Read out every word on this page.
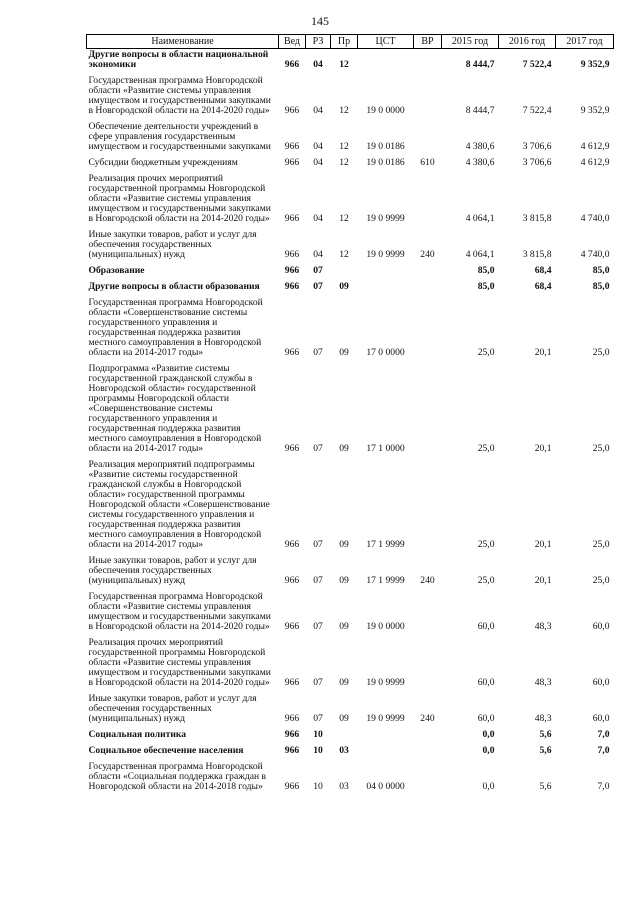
145
Наименование	Вед	РЗ	Пр	ЦСТ	ВР	2015 год	2016 год	2017 год
Другие вопросы в области национальной экономики	966	04	12			8 444,7	7 522,4	9 352,9
Государственная программа Новгородской области «Развитие системы управления имуществом и государственными закупками в Новгородской области на 2014-2020 годы»	966	04	12	19 0 0000		8 444,7	7 522,4	9 352,9
Обеспечение деятельности учреждений в сфере управления государственным имуществом и государственными закупками	966	04	12	19 0 0186		4 380,6	3 706,6	4 612,9
Субсидии бюджетным учреждениям	966	04	12	19 0 0186	610	4 380,6	3 706,6	4 612,9
Реализация прочих мероприятий государственной программы Новгородской области «Развитие системы управления имуществом и государственными закупками в Новгородской области на 2014-2020 годы»	966	04	12	19 0 9999		4 064,1	3 815,8	4 740,0
Иные закупки товаров, работ и услуг для обеспечения государственных (муниципальных) нужд	966	04	12	19 0 9999	240	4 064,1	3 815,8	4 740,0
Образование	966	07				85,0	68,4	85,0
Другие вопросы в области образования	966	07	09			85,0	68,4	85,0
Государственная программа Новгородской области «Совершенствование системы государственного управления и государственная поддержка развития местного самоуправления в Новгородской области на 2014-2017 годы»	966	07	09	17 0 0000		25,0	20,1	25,0
Подпрограмма «Развитие системы государственной гражданской службы в Новгородской области» государственной программы Новгородской области «Совершенствование системы государственного управления и государственная поддержка развития местного самоуправления в Новгородской области на 2014-2017 годы»	966	07	09	17 1 0000		25,0	20,1	25,0
Реализация мероприятий подпрограммы «Развитие системы государственной гражданской службы в Новгородской области» государственной программы Новгородской области «Совершенствование системы государственного управления и государственная поддержка развития местного самоуправления в Новгородской области на 2014-2017 годы»	966	07	09	17 1 9999		25,0	20,1	25,0
Иные закупки товаров, работ и услуг для обеспечения государственных (муниципальных) нужд	966	07	09	17 1 9999	240	25,0	20,1	25,0
Государственная программа Новгородской области «Развитие системы управления имуществом и государственными закупками в Новгородской области на 2014-2020 годы»	966	07	09	19 0 0000		60,0	48,3	60,0
Реализация прочих мероприятий государственной программы Новгородской области «Развитие системы управления имуществом и государственными закупками в Новгородской области на 2014-2020 годы»	966	07	09	19 0 9999		60,0	48,3	60,0
Иные закупки товаров, работ и услуг для обеспечения государственных (муниципальных) нужд	966	07	09	19 0 9999	240	60,0	48,3	60,0
Социальная политика	966	10				0,0	5,6	7,0
Социальное обеспечение населения	966	10	03			0,0	5,6	7,0
Государственная программа Новгородской области «Социальная поддержка граждан в Новгородской области на 2014-2018 годы»	966	10	03	04 0 0000		0,0	5,6	7,0
